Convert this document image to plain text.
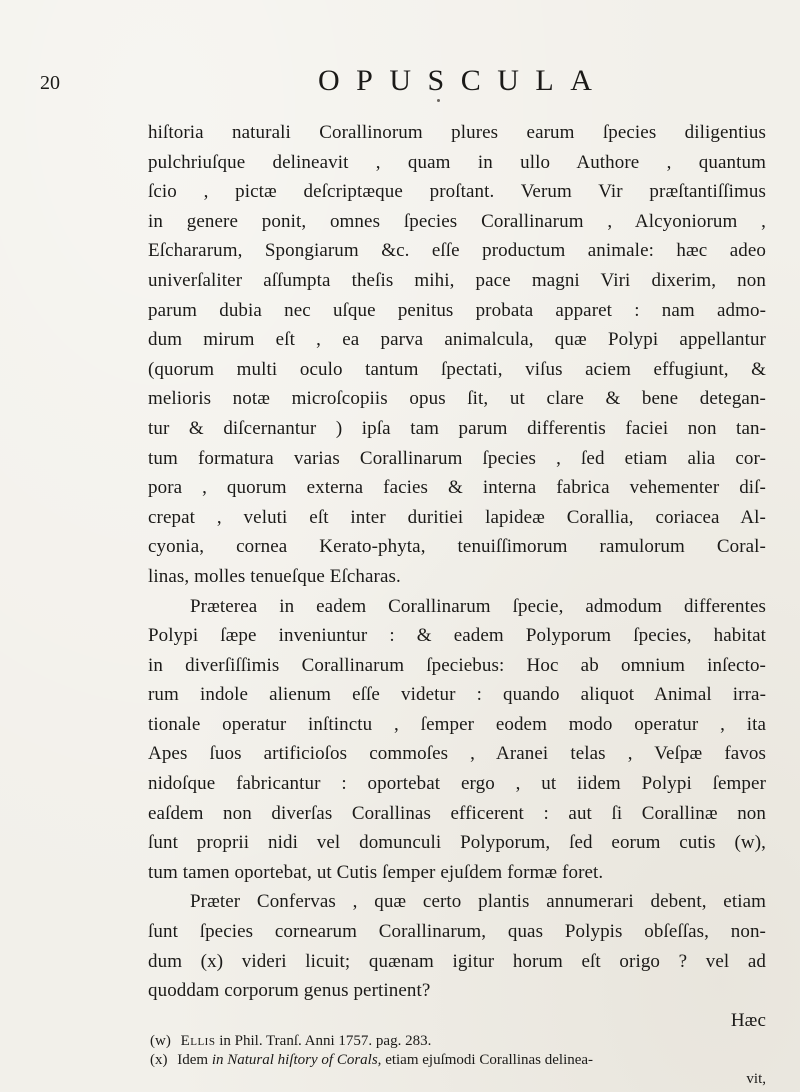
20	OPUSCULA
hiſtoria naturali Corallinorum plures earum ſpecies diligentius
pulchriuſque delineavit , quam in ullo Authore , quantum
ſcio , pictæ deſcriptæque proſtant. Verum Vir præſtantiſſimus
in genere ponit, omnes ſpecies Corallinarum , Alcyoniorum ,
Eſchararum, Spongiarum &c. eſſe productum animale: hæc adeo
univerſaliter aſſumpta theſis mihi, pace magni Viri dixerim, non
parum dubia nec uſque penitus probata apparet : nam admo-
dum mirum eſt , ea parva animalcula, quæ Polypi appellantur
(quorum multi oculo tantum ſpectati, viſus aciem effugiunt, &
melioris notæ microſcopiis opus ſit, ut clare & bene detegan-
tur & diſcernantur ) ipſa tam parum differentis faciei non tan-
tum formatura varias Corallinarum ſpecies , ſed etiam alia cor-
pora , quorum externa facies & interna fabrica vehementer diſ-
crepat , veluti eſt inter duritiei lapideæ Corallia, coriacea Al-
cyonia, cornea Kerato-phyta, tenuiſſimorum ramulorum Coral-
linas, molles tenueſque Eſcharas.
Præterea in eadem Corallinarum ſpecie, admodum differentes
Polypi ſæpe inveniuntur : & eadem Polyporum ſpecies, habitat
in diverſiſſimis Corallinarum ſpeciebus: Hoc ab omnium inſecto-
rum indole alienum eſſe videtur : quando aliquot Animal irra-
tionale operatur inſtinctu , ſemper eodem modo operatur , ita
Apes ſuos artificioſos commoſes , Aranei telas , Veſpæ favos
nidoſque fabricantur : oportebat ergo , ut iidem Polypi ſemper
eaſdem non diverſas Corallinas efficerent : aut ſi Corallinæ non
ſunt proprii nidi vel domunculi Polyporum, ſed eorum cutis (w),
tum tamen oportebat, ut Cutis ſemper ejuſdem formæ foret.
Præter Confervas , quæ certo plantis annumerari debent, etiam
ſunt ſpecies cornearum Corallinarum, quas Polypis obſeſſas, non-
dum (x) videri licuit; quænam igitur horum eſt origo ? vel ad
quoddam corporum genus pertinent?
Hæc
(w) Ellis in Phil. Tranſ. Anni 1757. pag. 283.
(x) Idem in Natural hiſtory of Corals, etiam ejuſmodi Corallinas delinea-
vit,
